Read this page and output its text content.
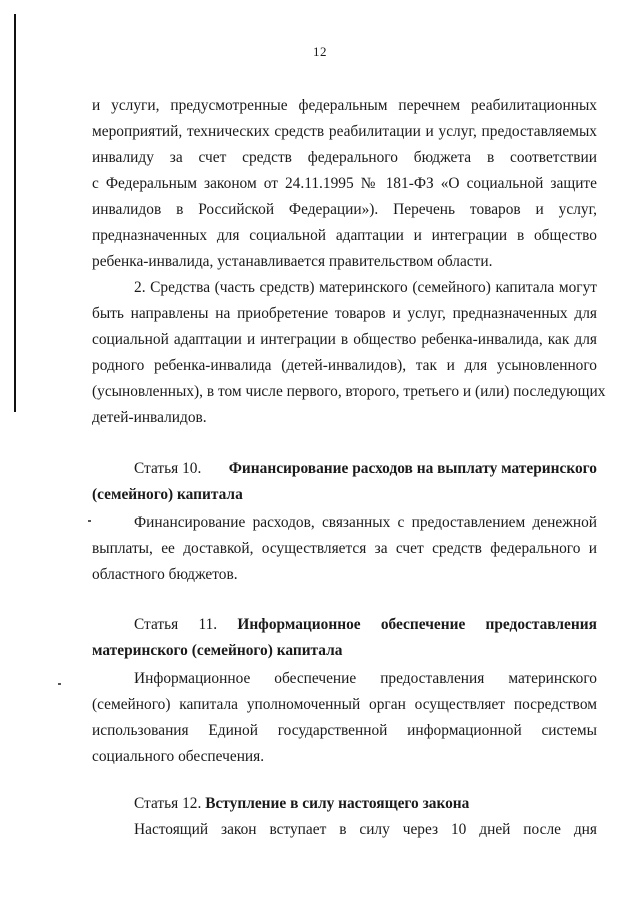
12
и услуги, предусмотренные федеральным перечнем реабилитационных
мероприятий, технических средств реабилитации и услуг, предоставляемых
инвалиду за счет средств федерального бюджета в соответствии
с Федеральным законом от 24.11.1995 № 181-ФЗ «О социальной защите
инвалидов в Российской Федерации»). Перечень товаров и услуг,
предназначенных для социальной адаптации и интеграции в общество
ребенка-инвалида, устанавливается правительством области.
2. Средства (часть средств) материнского (семейного) капитала могут
быть направлены на приобретение товаров и услуг, предназначенных для
социальной адаптации и интеграции в общество ребенка-инвалида, как для
родного ребенка-инвалида (детей-инвалидов), так и для усыновленного
(усыновленных), в том числе первого, второго, третьего и (или) последующих
детей-инвалидов.
Статья 10.	Финансирование расходов на выплату материнского
(семейного) капитала
Финансирование расходов, связанных с предоставлением денежной
выплаты, ее доставкой, осуществляется за счет средств федерального и
областного бюджетов.
Статья 11. Информационное обеспечение предоставления
материнского (семейного) капитала
Информационное обеспечение предоставления материнского
(семейного) капитала уполномоченный орган осуществляет посредством
использования Единой государственной информационной системы
социального обеспечения.
Статья 12. Вступление в силу настоящего закона
Настоящий закон вступает в силу через 10 дней после дня
